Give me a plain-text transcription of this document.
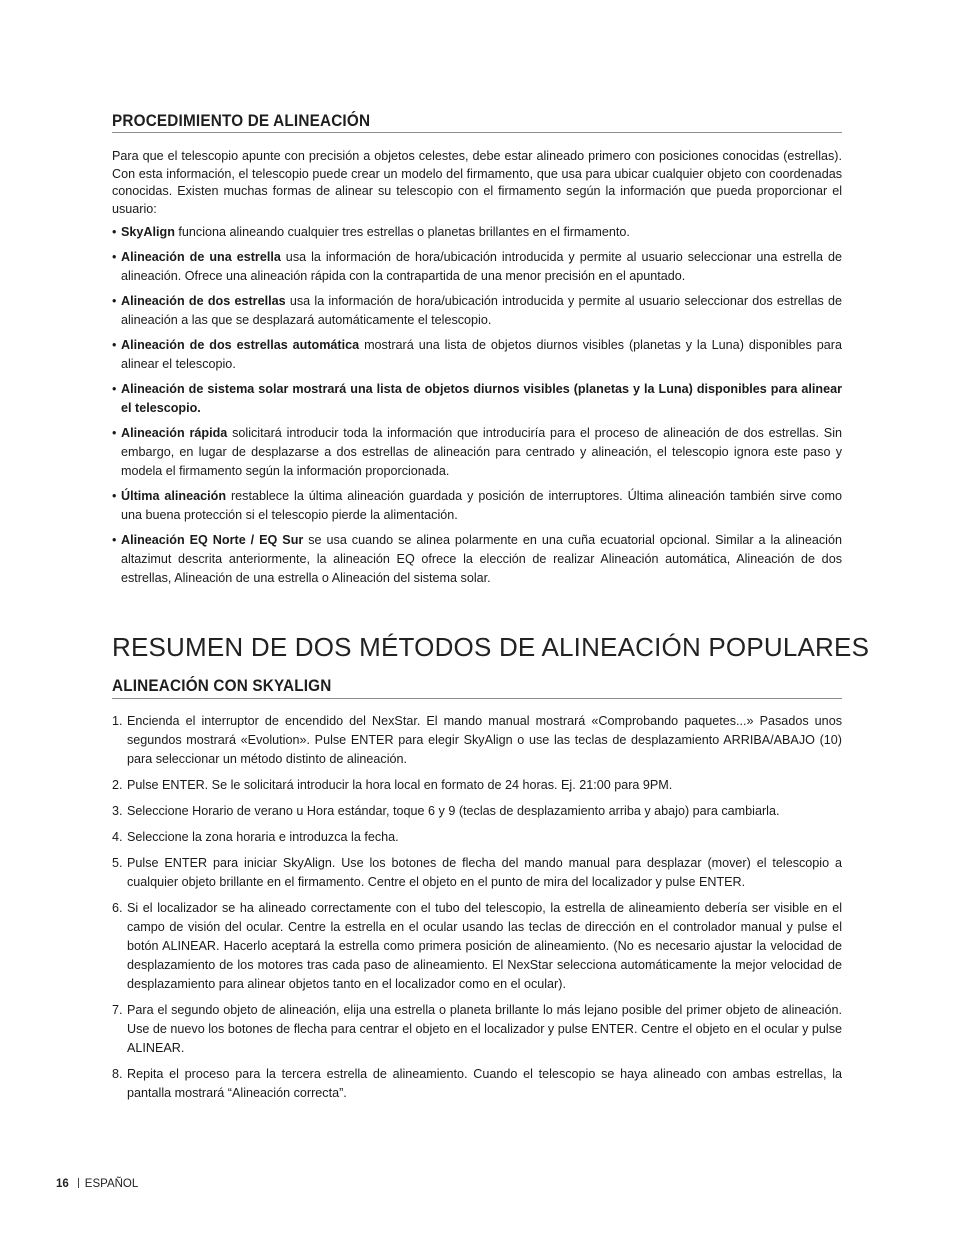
PROCEDIMIENTO DE ALINEACIÓN

Para que el telescopio apunte con precisión a objetos celestes, debe estar alineado primero con posiciones conocidas (estrellas). Con esta información, el telescopio puede crear un modelo del firmamento, que usa para ubicar cualquier objeto con coordenadas conocidas. Existen muchas formas de alinear su telescopio con el firmamento según la información que pueda proporcionar el usuario:

• SkyAlign funciona alineando cualquier tres estrellas o planetas brillantes en el firmamento.
• Alineación de una estrella usa la información de hora/ubicación introducida y permite al usuario seleccionar una estrella de alineación. Ofrece una alineación rápida con la contrapartida de una menor precisión en el apuntado.
• Alineación de dos estrellas usa la información de hora/ubicación introducida y permite al usuario seleccionar dos estrellas de alineación a las que se desplazará automáticamente el telescopio.
• Alineación de dos estrellas automática mostrará una lista de objetos diurnos visibles (planetas y la Luna) disponibles para alinear el telescopio.
• Alineación de sistema solar mostrará una lista de objetos diurnos visibles (planetas y la Luna) disponibles para alinear el telescopio.
• Alineación rápida solicitará introducir toda la información que introduciría para el proceso de alineación de dos estrellas. Sin embargo, en lugar de desplazarse a dos estrellas de alineación para centrado y alineación, el telescopio ignora este paso y modela el firmamento según la información proporcionada.
• Última alineación restablece la última alineación guardada y posición de interruptores. Última alineación también sirve como una buena protección si el telescopio pierde la alimentación.
• Alineación EQ Norte / EQ Sur se usa cuando se alinea polarmente en una cuña ecuatorial opcional. Similar a la alineación altazimut descrita anteriormente, la alineación EQ ofrece la elección de realizar Alineación automática, Alineación de dos estrellas, Alineación de una estrella o Alineación del sistema solar.
RESUMEN DE DOS MÉTODOS DE ALINEACIÓN POPULARES
ALINEACIÓN CON SKYALIGN
1. Encienda el interruptor de encendido del NexStar. El mando manual mostrará «Comprobando paquetes...» Pasados unos segundos mostrará «Evolution». Pulse ENTER para elegir SkyAlign o use las teclas de desplazamiento ARRIBA/ABAJO (10) para seleccionar un método distinto de alineación.
2. Pulse ENTER. Se le solicitará introducir la hora local en formato de 24 horas. Ej. 21:00 para 9PM.
3. Seleccione Horario de verano u Hora estándar, toque 6 y 9 (teclas de desplazamiento arriba y abajo) para cambiarla.
4. Seleccione la zona horaria e introduzca la fecha.
5. Pulse ENTER para iniciar SkyAlign. Use los botones de flecha del mando manual para desplazar (mover) el telescopio a cualquier objeto brillante en el firmamento. Centre el objeto en el punto de mira del localizador y pulse ENTER.
6. Si el localizador se ha alineado correctamente con el tubo del telescopio, la estrella de alineamiento debería ser visible en el campo de visión del ocular. Centre la estrella en el ocular usando las teclas de dirección en el controlador manual y pulse el botón ALINEAR. Hacerlo aceptará la estrella como primera posición de alineamiento. (No es necesario ajustar la velocidad de desplazamiento de los motores tras cada paso de alineamiento. El NexStar selecciona automáticamente la mejor velocidad de desplazamiento para alinear objetos tanto en el localizador como en el ocular).
7. Para el segundo objeto de alineación, elija una estrella o planeta brillante lo más lejano posible del primer objeto de alineación. Use de nuevo los botones de flecha para centrar el objeto en el localizador y pulse ENTER. Centre el objeto en el ocular y pulse ALINEAR.
8. Repita el proceso para la tercera estrella de alineamiento. Cuando el telescopio se haya alineado con ambas estrellas, la pantalla mostrará “Alineación correcta”.
16 ESPAÑOL
